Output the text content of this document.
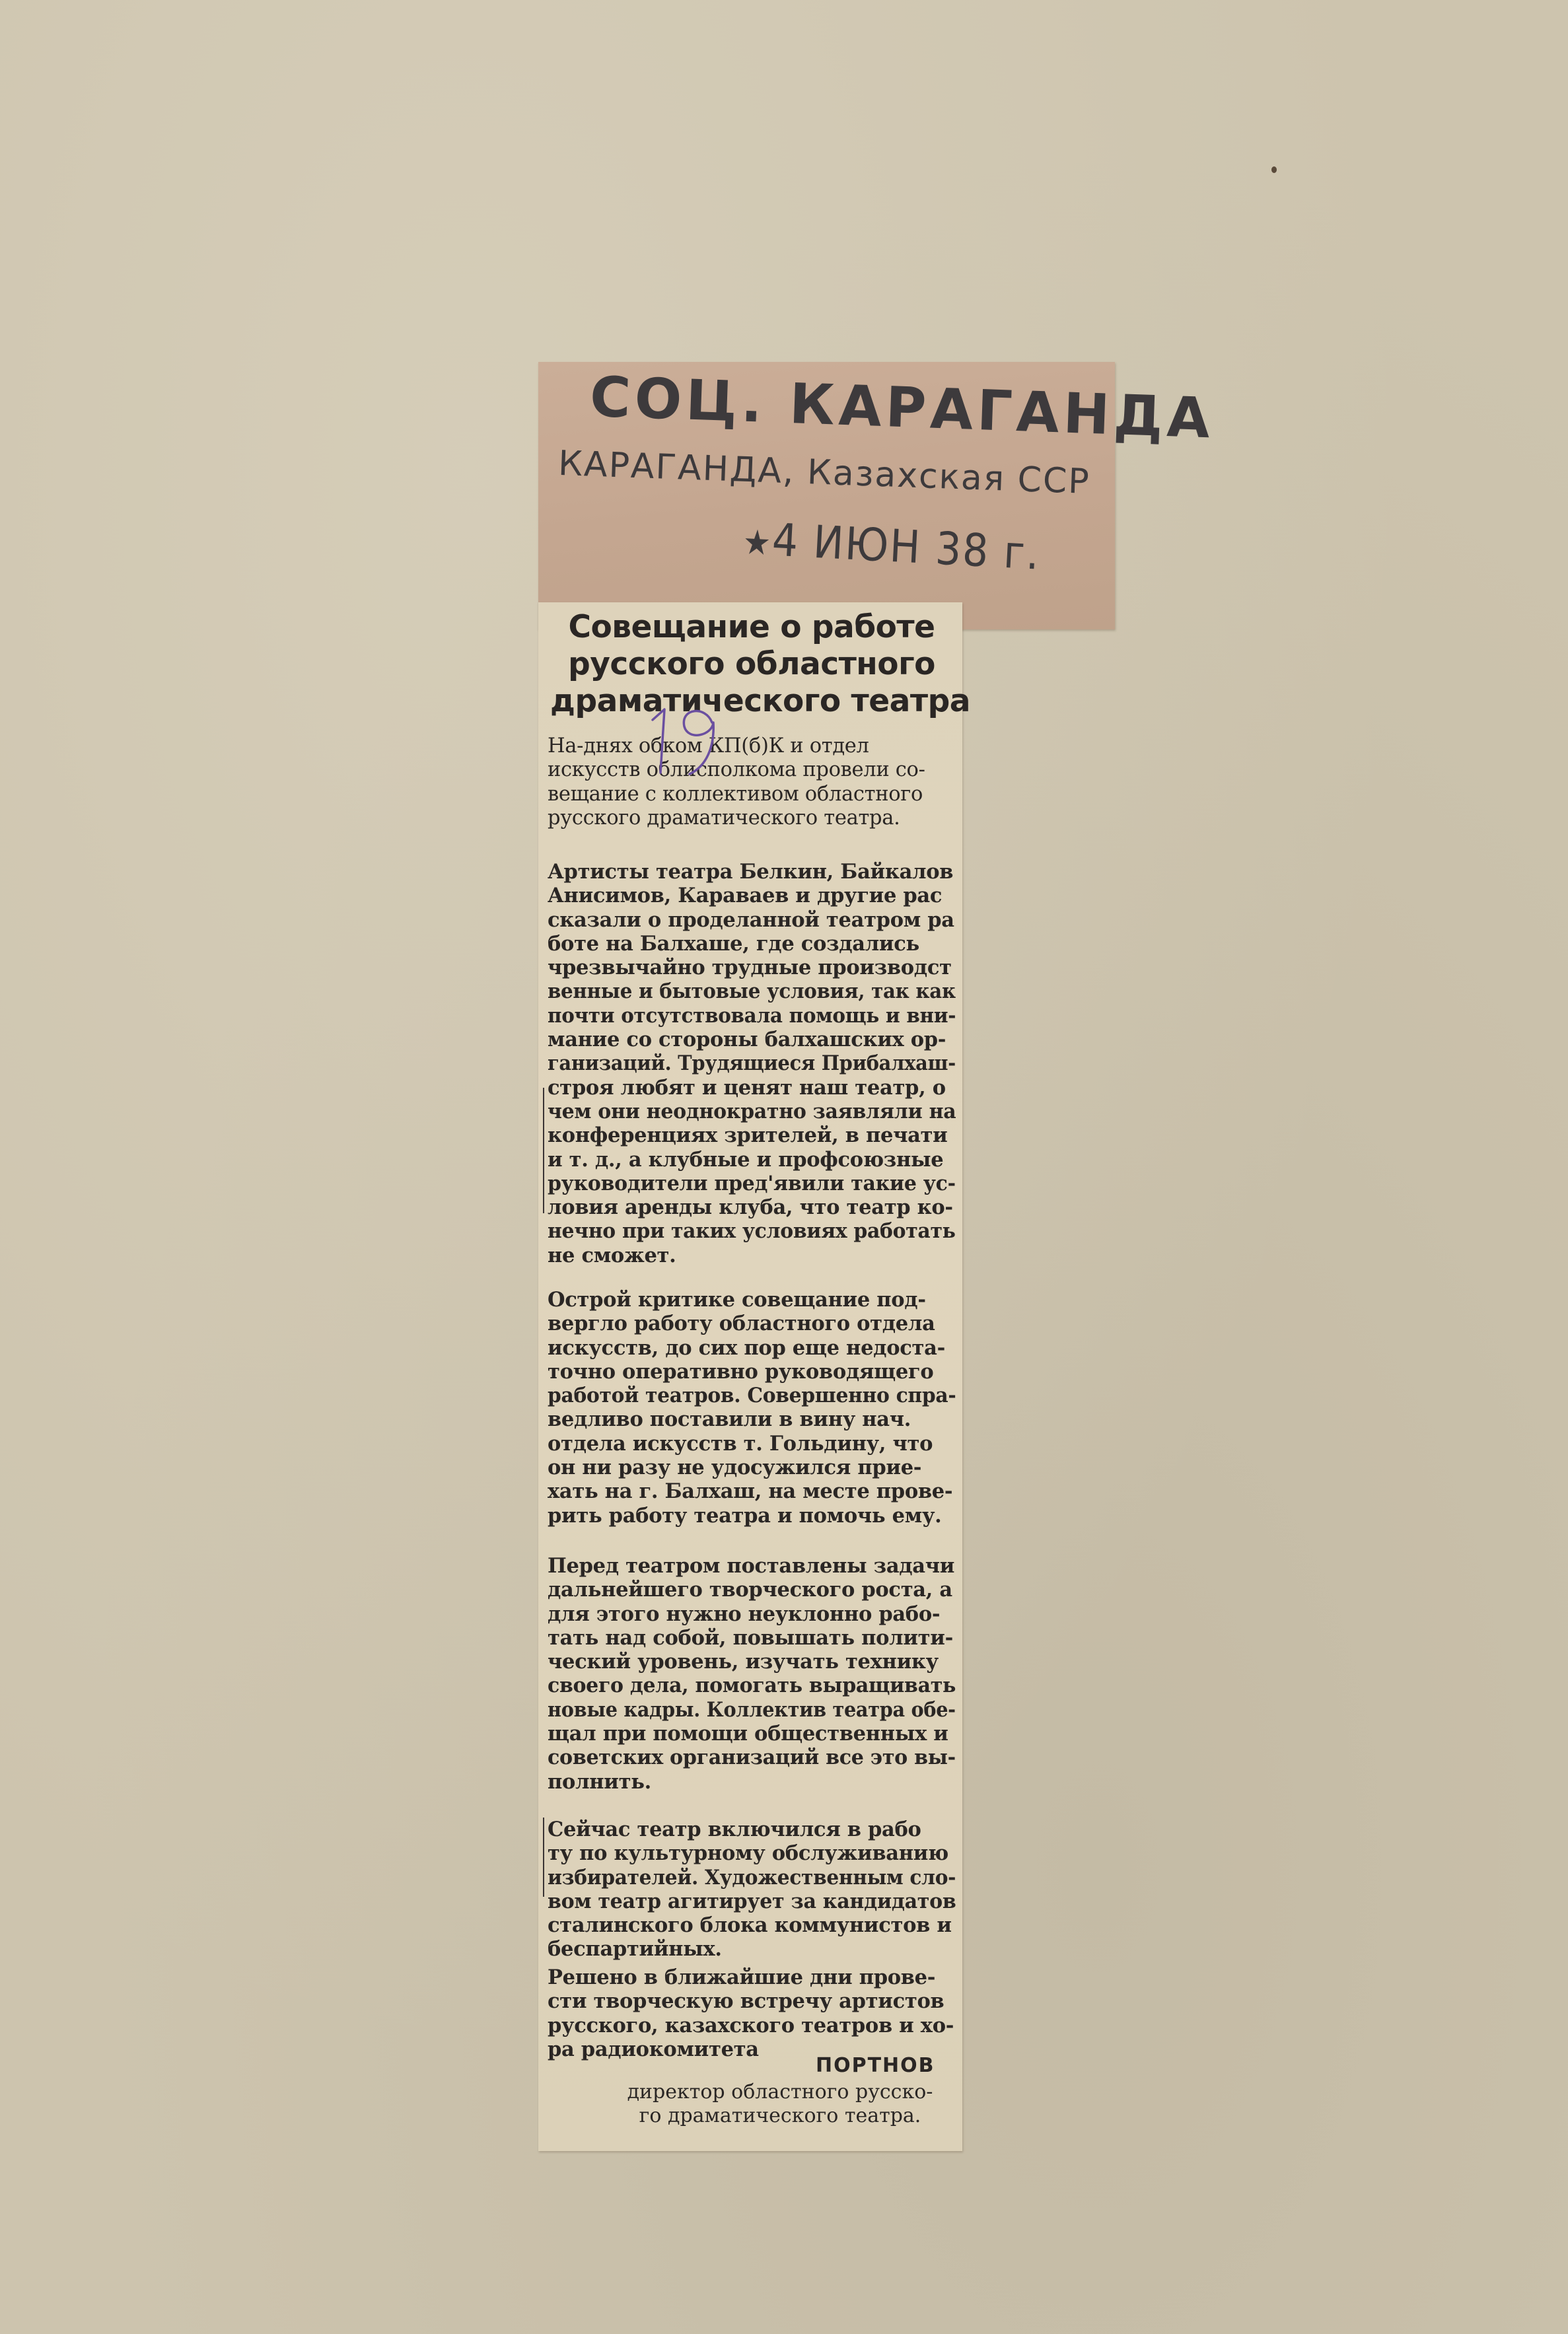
СОЦ. КАРАГАНДА
КАРАГАНДА, Казахская ССР
★4 ИЮН 38 г.
Совещание о работе
русского областного
драматического театра
На-днях обком КП(б)К и отдел
искусств облисполкома провели со-
вещание с коллективом областного
русского драматического театра.
Артисты театра Белкин, Байкалов
Анисимов, Караваев и другие рас
сказали о проделанной театром ра
боте на Балхаше, где создались
чрезвычайно трудные производст
венные и бытовые условия, так как
почти отсутствовала помощь и вни-
мание со стороны балхашских ор-
ганизаций. Трудящиеся Прибалхаш-
строя любят и ценят наш театр, о
чем они неоднократно заявляли на
конференциях зрителей, в печати
и т. д., а клубные и профсоюзные
руководители пред'явили такие ус-
ловия аренды клуба, что театр ко-
нечно при таких условиях работать
не сможет.
Острой критике совещание под-
вергло работу областного отдела
искусств, до сих пор еще недоста-
точно оперативно руководящего
работой театров. Совершенно спра-
ведливо поставили в вину нач.
отдела искусств т. Гольдину, что
он ни разу не удосужился прие-
хать на г. Балхаш, на месте прове-
рить работу театра и помочь ему.
Перед театром поставлены задачи
дальнейшего творческого роста, а
для этого нужно неуклонно рабо-
тать над собой, повышать полити-
ческий уровень, изучать технику
своего дела, помогать выращивать
новые кадры. Коллектив театра обе-
щал при помощи общественных и
советских организаций все это вы-
полнить.
Сейчас театр включился в рабо
ту по культурному обслуживанию
избирателей. Художественным сло-
вом театр агитирует за кандидатов
сталинского блока коммунистов и
беспартийных.
Решено в ближайшие дни прове-
сти творческую встречу артистов
русского, казахского театров и хо-
ра радиокомитета
ПОРТНОВ
директор областного русско-
го драматического театра.
